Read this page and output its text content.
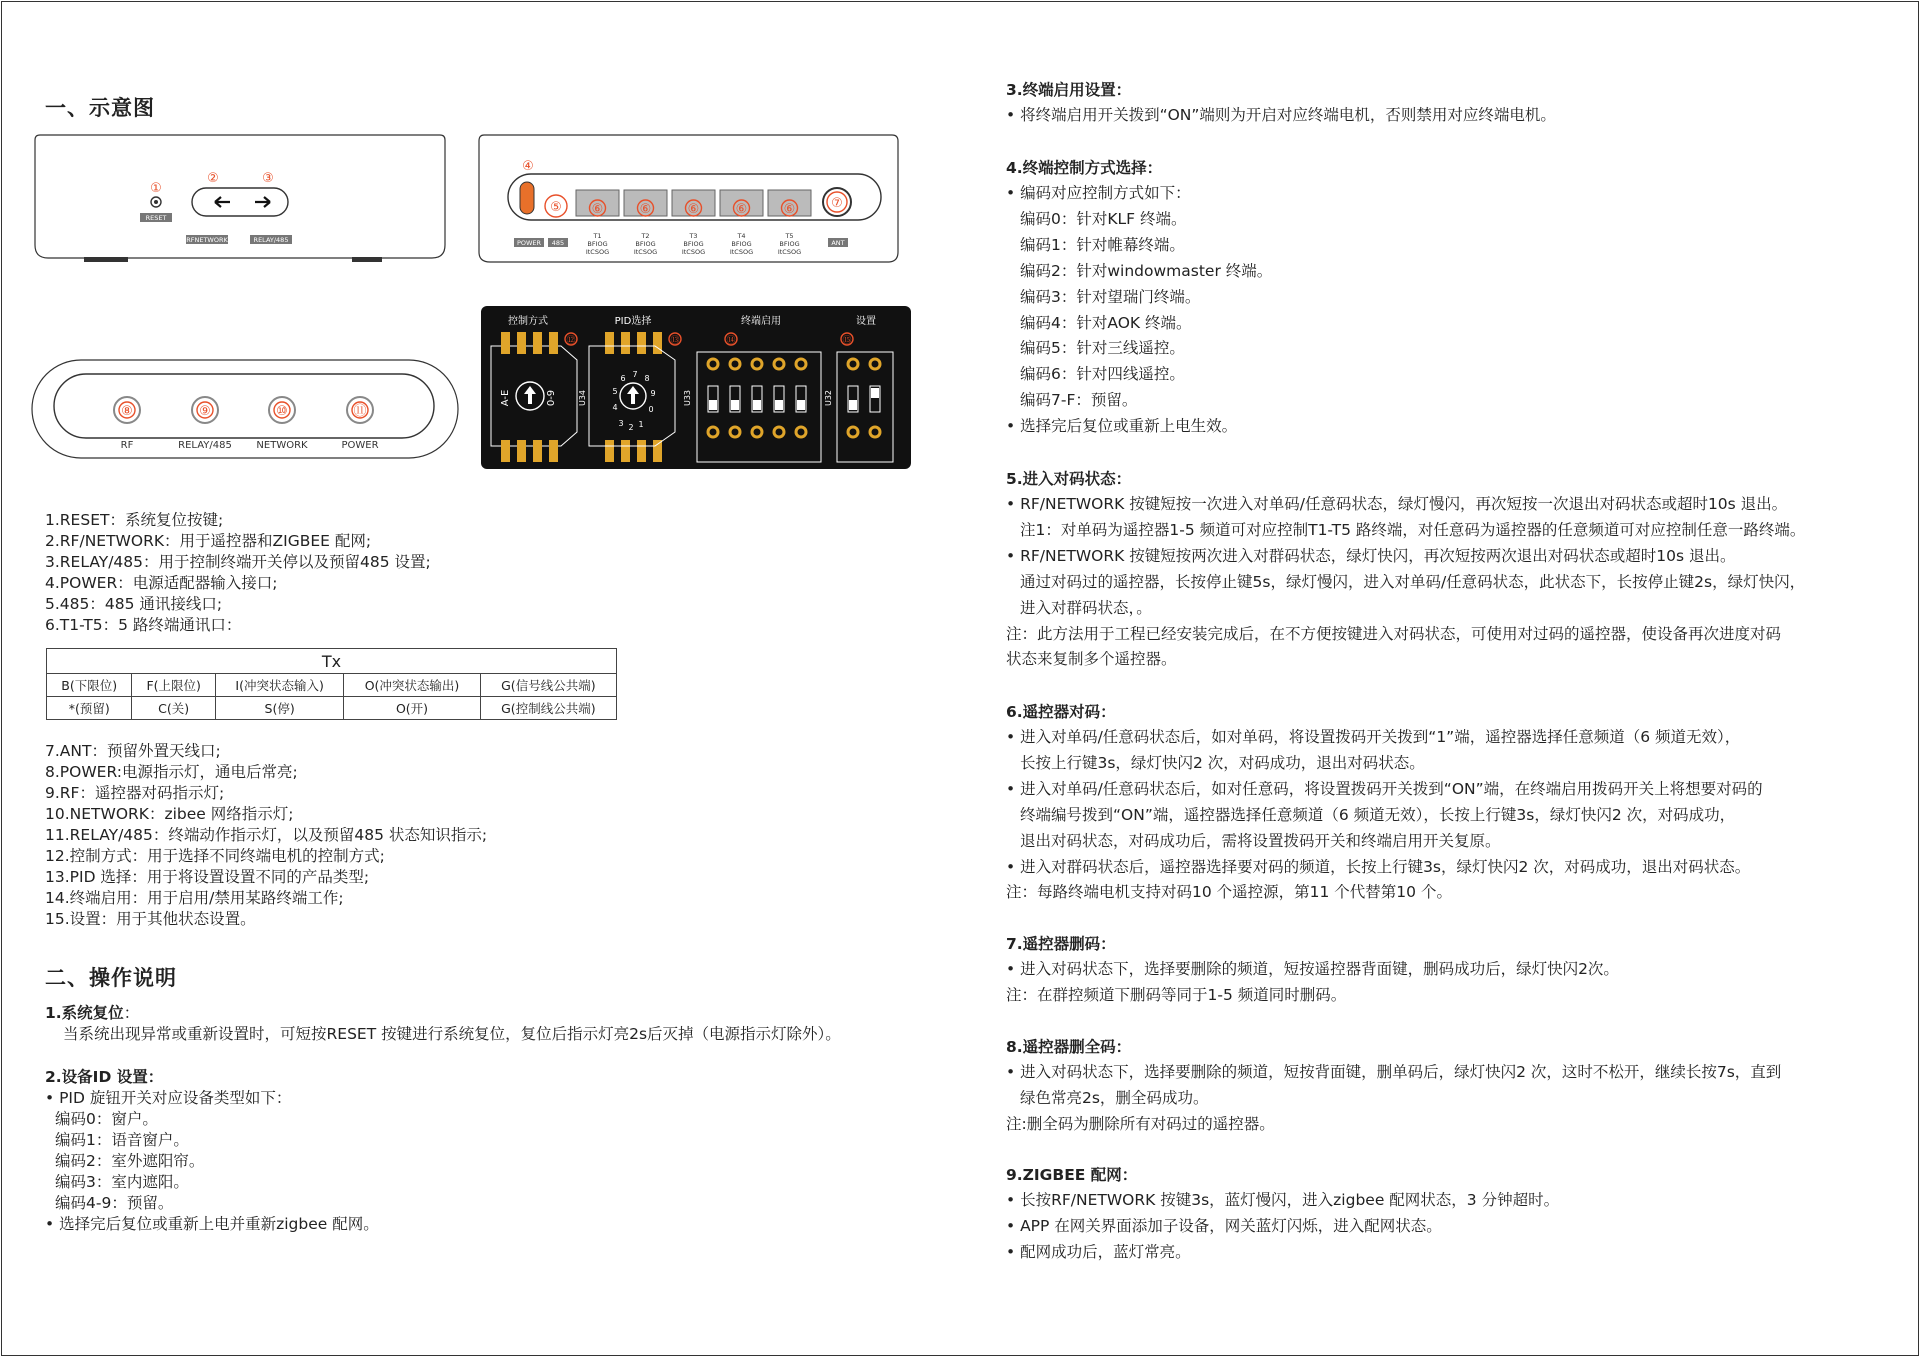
一、示意图
①
RESET
②	③
RFNETWORK	RELAY/485
④
⑤ ⑥	⑥	⑥	⑥	⑥	⑦
POWER 485	ANT
T1	T2	T3	T4	T5
BFIOG	BFIOG	BFIOG	BFIOG	BFIOG
ItCSOG	ItCSOG	ItCSOG	ItCSOG	ItCSOG
⑧	⑨	⑩	⑪
RF	RELAY/485 NETWORK	POWER
控制方式	PID选择	终端启用	设置
⑫	⑬	⑭	⑮
A-E	0-9	U34
1
2
3
4
5
6 7 8
9
0
U33	U32
1.RESET：系统复位按键;
2.RF/NETWORK：用于遥控器和ZIGBEE 配网;
3.RELAY/485：用于控制终端开关停以及预留485 设置;
4.POWER：电源适配器输入接口;
5.485：485 通讯接线口;
6.T1-T5：5 路终端通讯口：
Tx				
B(下限位)	F(上限位)	I(冲突状态输入)	O(冲突状态输出)	G(信号线公共端)
*(预留)	C(关)	S(停)	O(开)	G(控制线公共端)
7.ANT：预留外置天线口;
8.POWER:电源指示灯，通电后常亮;
9.RF：遥控器对码指示灯;
10.NETWORK：zibee 网络指示灯;
11.RELAY/485：终端动作指示灯，以及预留485 状态知识指示;
12.控制方式：用于选择不同终端电机的控制方式;
13.PID 选择：用于将设置设置不同的产品类型;
14.终端启用：用于启用/禁用某路终端工作;
15.设置：用于其他状态设置。
二、操作说明
1.系统复位：
当系统出现异常或重新设置时，可短按RESET 按键进行系统复位，复位后指示灯亮2s后灭掉（电源指示灯除外）。
2.设备ID 设置：
• PID 旋钮开关对应设备类型如下：
编码0：窗户。
编码1：语音窗户。
编码2：室外遮阳帘。
编码3：室内遮阳。
编码4-9：预留。
• 选择完后复位或重新上电并重新zigbee 配网。
3.终端启用设置：
• 将终端启用开关拨到“ON”端则为开启对应终端电机，否则禁用对应终端电机。
4.终端控制方式选择：
• 编码对应控制方式如下：
编码0：针对KLF 终端。
编码1：针对帷幕终端。
编码2：针对windowmaster 终端。
编码3：针对望瑞门终端。
编码4：针对AOK 终端。
编码5：针对三线遥控。
编码6：针对四线遥控。
编码7-F：预留。
• 选择完后复位或重新上电生效。
5.进入对码状态：
• RF/NETWORK 按键短按一次进入对单码/任意码状态，绿灯慢闪，再次短按一次退出对码状态或超时10s 退出。
注1：对单码为遥控器1-5 频道可对应控制T1-T5 路终端，对任意码为遥控器的任意频道可对应控制任意一路终端。
• RF/NETWORK 按键短按两次进入对群码状态，绿灯快闪，再次短按两次退出对码状态或超时10s 退出。
通过对码过的遥控器，长按停止键5s，绿灯慢闪，进入对单码/任意码状态，此状态下，长按停止键2s，绿灯快闪，
进入对群码状态，。
注：此方法用于工程已经安装完成后，在不方便按键进入对码状态，可使用对过码的遥控器，使设备再次进度对码
状态来复制多个遥控器。
6.遥控器对码：
• 进入对单码/任意码状态后，如对单码，将设置拨码开关拨到“1”端，遥控器选择任意频道（6 频道无效），
长按上行键3s，绿灯快闪2 次，对码成功，退出对码状态。
• 进入对单码/任意码状态后，如对任意码，将设置拨码开关拨到“ON”端，在终端启用拨码开关上将想要对码的
终端编号拨到“ON”端，遥控器选择任意频道（6 频道无效），长按上行键3s，绿灯快闪2 次，对码成功，
退出对码状态，对码成功后，需将设置拨码开关和终端启用开关复原。
• 进入对群码状态后，遥控器选择要对码的频道，长按上行键3s，绿灯快闪2 次，对码成功，退出对码状态。
注：每路终端电机支持对码10 个遥控源，第11 个代替第10 个。
7.遥控器删码：
• 进入对码状态下，选择要删除的频道，短按遥控器背面键，删码成功后，绿灯快闪2次。
注：在群控频道下删码等同于1-5 频道同时删码。
8.遥控器删全码：
• 进入对码状态下，选择要删除的频道，短按背面键，删单码后，绿灯快闪2 次，这时不松开，继续长按7s，直到
绿色常亮2s，删全码成功。
注:删全码为删除所有对码过的遥控器。
9.ZIGBEE 配网：
• 长按RF/NETWORK 按键3s，蓝灯慢闪，进入zigbee 配网状态，3 分钟超时。
• APP 在网关界面添加子设备，网关蓝灯闪烁，进入配网状态。
• 配网成功后，蓝灯常亮。
